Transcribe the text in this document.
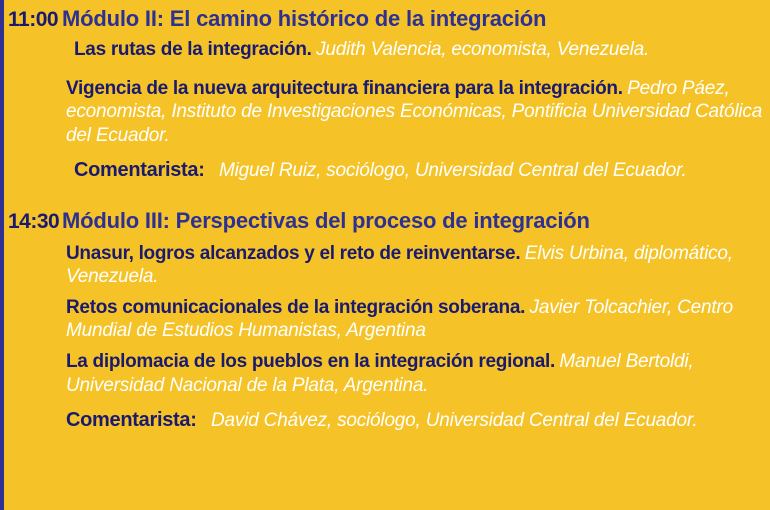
11:00 Módulo II: El camino histórico de la integración
Las rutas de la integración. Judith Valencia, economista, Venezuela.
Vigencia de la nueva arquitectura financiera para la integración. Pedro Páez, economista, Instituto de Investigaciones Económicas, Pontificia Universidad Católica del Ecuador.
Comentarista: Miguel Ruiz, sociólogo, Universidad Central del Ecuador.
14:30 Módulo III: Perspectivas del proceso de integración
Unasur, logros alcanzados y el reto de reinventarse. Elvis Urbina, diplomático, Venezuela.
Retos comunicacionales de la integración soberana. Javier Tolcachier, Centro Mundial de Estudios Humanistas, Argentina
La diplomacia de los pueblos en la integración regional. Manuel Bertoldi, Universidad Nacional de la Plata, Argentina.
Comentarista: David Chávez, sociólogo, Universidad Central del Ecuador.
